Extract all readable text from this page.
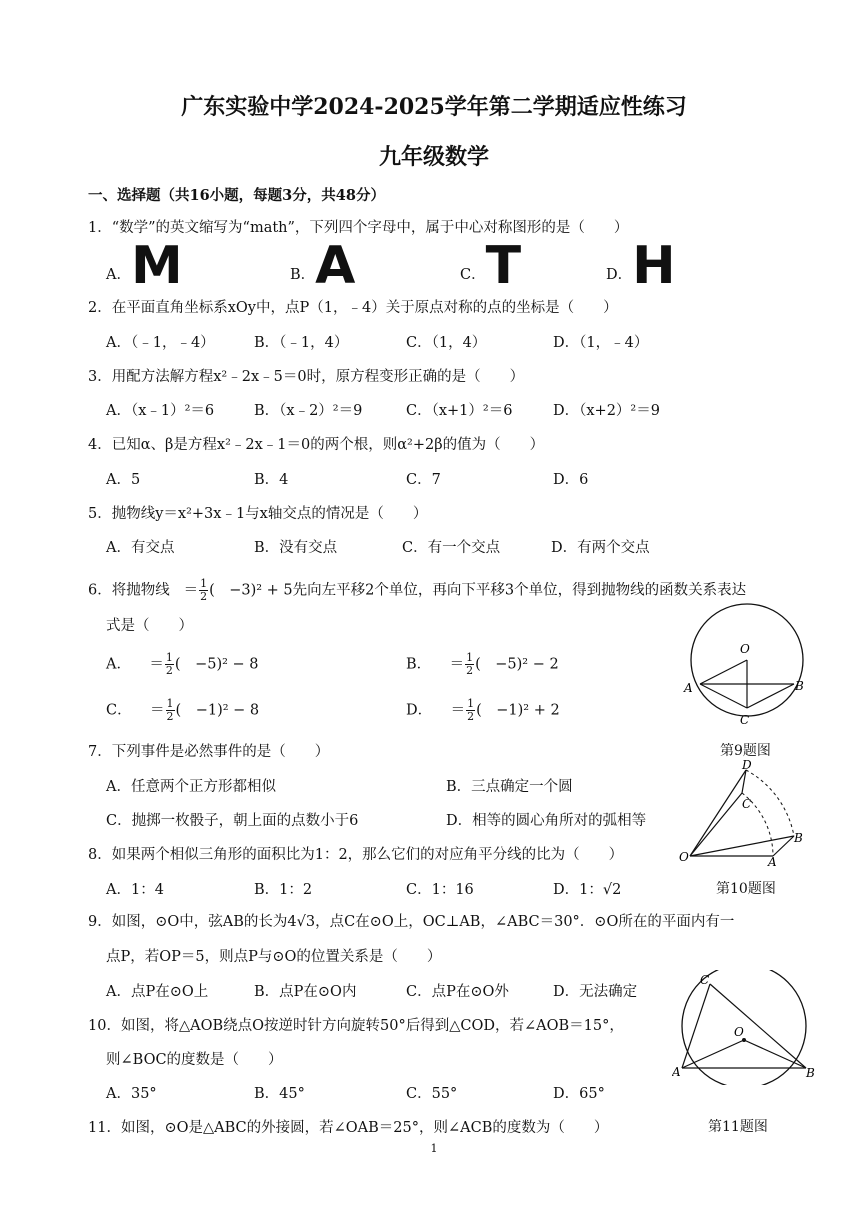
广东实验中学2024-2025学年第二学期适应性练习
九年级数学
一、选择题（共16小题，每题3分，共48分）
1．“数学”的英文缩写为“math”，下列四个字母中，属于中心对称图形的是（　　）
A．M	B．A	C．T	D．H
2．在平面直角坐标系xOy中，点P（1，﹣4）关于原点对称的点的坐标是（　　）
A．（﹣1，﹣4）	B．（﹣1，4）	C．（1，4）	D．（1，﹣4）
3．用配方法解方程x²﹣2x﹣5＝0时，原方程变形正确的是（　　）
A．（x﹣1）²＝6	B．（x﹣2）²＝9	C．（x+1）²＝6	D．（x+2）²＝9
4．已知α、β是方程x²﹣2x﹣1＝0的两个根，则α²+2β的值为（　　）
A．5	B．4	C．7	D．6
5．抛物线y＝x²+3x﹣1与x轴交点的情况是（　　）
A．有交点	B．没有交点	C．有一个交点	D．有两个交点
6．将抛物线 ＝ $\frac{1}{2}$ (　−3)² + 5先向左平移2个单位，再向下平移3个单位，得到抛物线的函数关系表达
式是（　　）
A． ＝ $\frac{1}{2}$ (　−5)² − 8	B． ＝ $\frac{1}{2}$ (　−5)² − 2
C． ＝ $\frac{1}{2}$ (　−1)² − 8	D． ＝ $\frac{1}{2}$ (　−1)² + 2
O
A	B
C
第9题图
7．下列事件是必然事件的是（　　）
A．任意两个正方形都相似	B．三点确定一个圆
C．抛掷一枚骰子，朝上面的点数小于6	D．相等的圆心角所对的弧相等
D
C
B
A
O
第10题图
8．如果两个相似三角形的面积比为1：2，那么它们的对应角平分线的比为（　　）
A．1：4	B．1：2	C．1：16	D．1：√2
9．如图，⊙O中，弦AB的长为4√3，点C在⊙O上，OC⊥AB，∠ABC＝30°．⊙O所在的平面内有一
点P，若OP＝5，则点P与⊙O的位置关系是（　　）
A．点P在⊙O上	B．点P在⊙O内	C．点P在⊙O外	D．无法确定
C
O
A	B
10．如图，将△AOB绕点O按逆时针方向旋转50°后得到△COD，若∠AOB＝15°，
则∠BOC的度数是（　　）
A．35°	B．45°	C．55°	D．65°
11．如图，⊙O是△ABC的外接圆，若∠OAB＝25°，则∠ACB的度数为（　　）	第11题图
1
